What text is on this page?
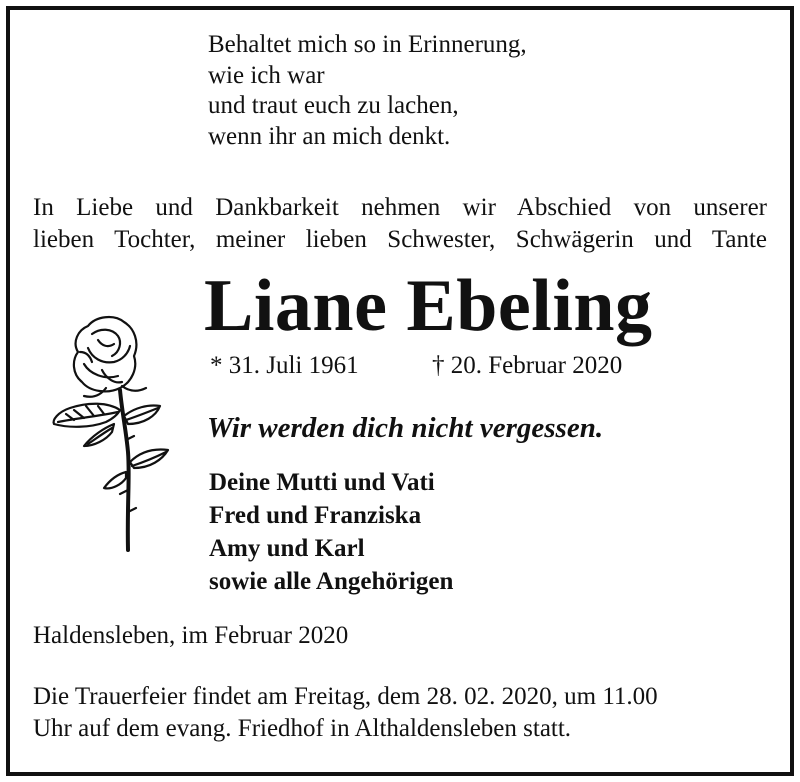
Behaltet mich so in Erinnerung,
wie ich war
und traut euch zu lachen,
wenn ihr an mich denkt.
In Liebe und Dankbarkeit nehmen wir Abschied von unserer
lieben Tochter, meiner lieben Schwester, Schwägerin und Tante
Liane Ebeling
* 31. Juli 1961	† 20. Februar 2020
Wir werden dich nicht vergessen.
Deine Mutti und Vati
Fred und Franziska
Amy und Karl
sowie alle Angehörigen
Haldensleben, im Februar 2020
Die Trauerfeier findet am Freitag, dem 28. 02. 2020, um 11.00
Uhr auf dem evang. Friedhof in Althaldensleben statt.
